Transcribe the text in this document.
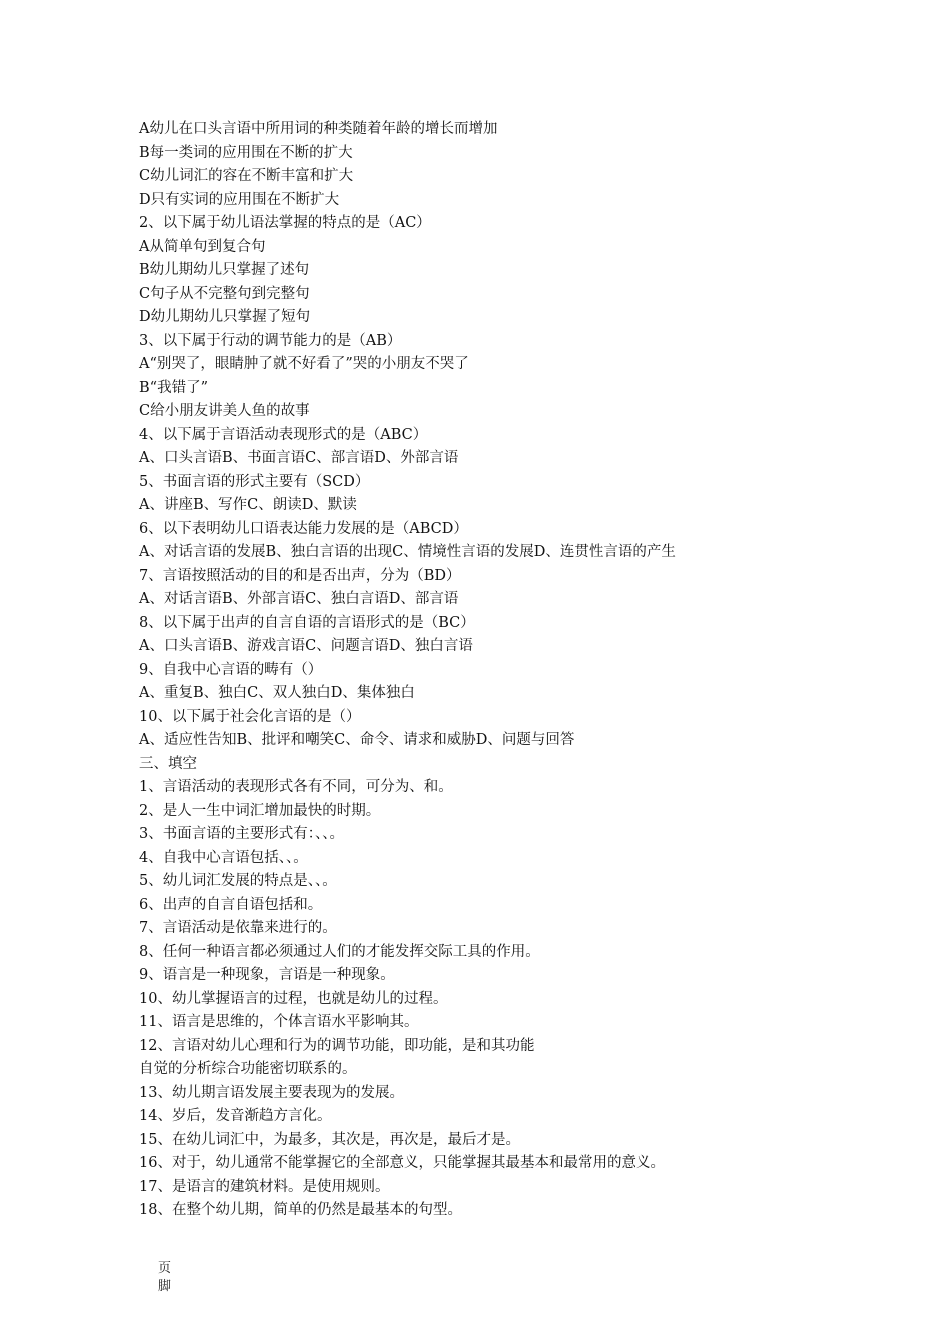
A幼儿在口头言语中所用词的种类随着年龄的增长而增加
B每一类词的应用围在不断的扩大
C幼儿词汇的容在不断丰富和扩大
D只有实词的应用围在不断扩大
2、以下属于幼儿语法掌握的特点的是（AC）
A从简单句到复合句
B幼儿期幼儿只掌握了述句
C句子从不完整句到完整句
D幼儿期幼儿只掌握了短句
3、以下属于行动的调节能力的是（AB）
A“别哭了，眼睛肿了就不好看了”哭的小朋友不哭了
B“我错了”
C给小朋友讲美人鱼的故事
4、以下属于言语活动表现形式的是（ABC）
A、口头言语B、书面言语C、部言语D、外部言语
5、书面言语的形式主要有（SCD）
A、讲座B、写作C、朗读D、默读
6、以下表明幼儿口语表达能力发展的是（ABCD）
A、对话言语的发展B、独白言语的出现C、情境性言语的发展D、连贯性言语的产生
7、言语按照活动的目的和是否出声，分为（BD）
A、对话言语B、外部言语C、独白言语D、部言语
8、以下属于出声的自言自语的言语形式的是（BC）
A、口头言语B、游戏言语C、问题言语D、独白言语
9、自我中心言语的畴有（）
A、重复B、独白C、双人独白D、集体独白
10、以下属于社会化言语的是（）
A、适应性告知B、批评和嘲笑C、命令、请求和威胁D、问题与回答
三、填空
1、言语活动的表现形式各有不同，可分为、和。
2、是人一生中词汇增加最快的时期。
3、书面言语的主要形式有：、、。
4、自我中心言语包括、、。
5、幼儿词汇发展的特点是、、。
6、出声的自言自语包括和。
7、言语活动是依靠来进行的。
8、任何一种语言都必须通过人们的才能发挥交际工具的作用。
9、语言是一种现象，言语是一种现象。
10、幼儿掌握语言的过程，也就是幼儿的过程。
11、语言是思维的，个体言语水平影响其。
12、言语对幼儿心理和行为的调节功能，即功能，是和其功能
自觉的分析综合功能密切联系的。
13、幼儿期言语发展主要表现为的发展。
14、岁后，发音渐趋方言化。
15、在幼儿词汇中，为最多，其次是，再次是，最后才是。
16、对于，幼儿通常不能掌握它的全部意义，只能掌握其最基本和最常用的意义。
17、是语言的建筑材料。是使用规则。
18、在整个幼儿期，简单的仍然是最基本的句型。
页脚
